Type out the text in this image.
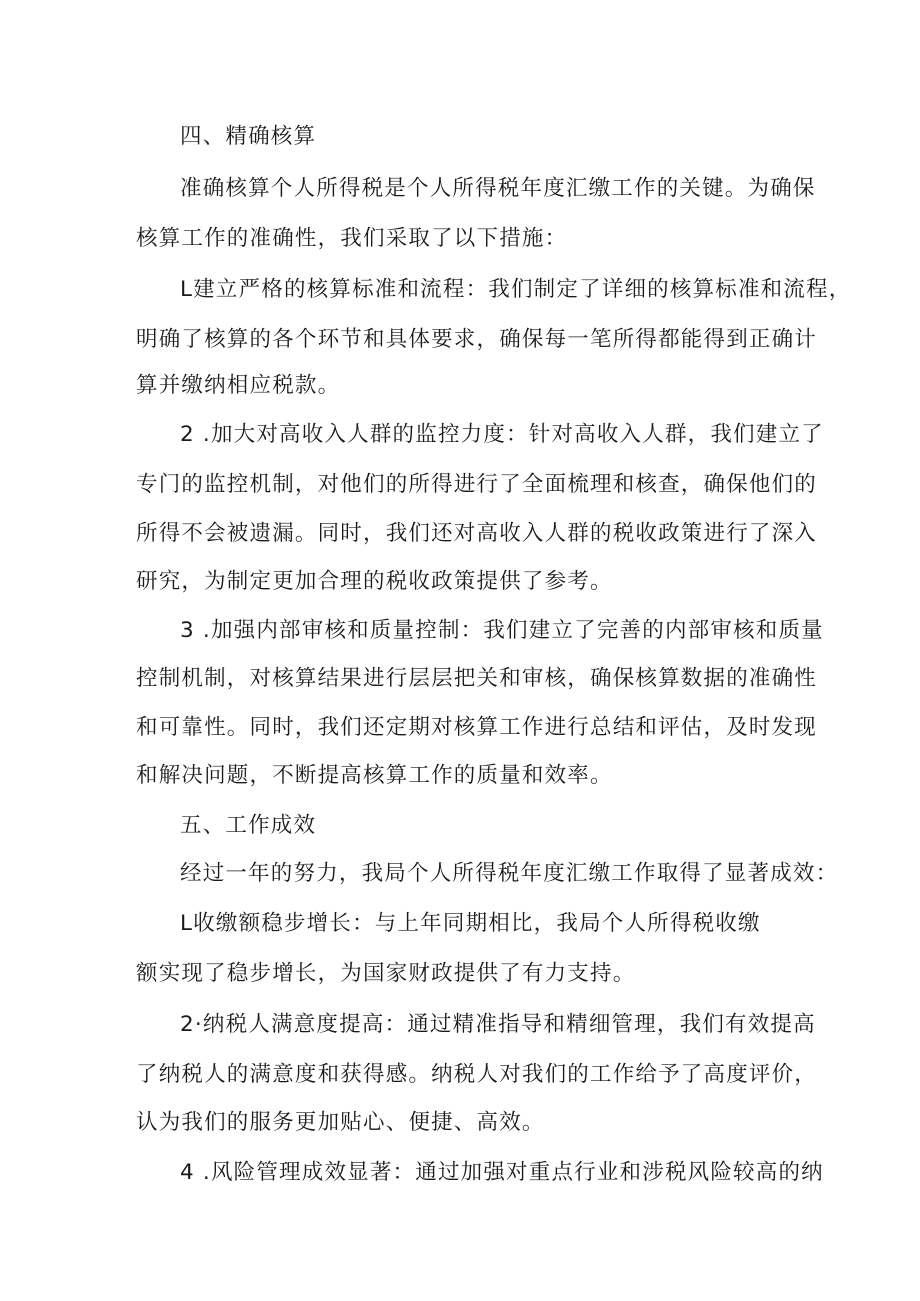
四、精确核算
准确核算个人所得税是个人所得税年度汇缴工作的关键。为确保
核算工作的准确性，我们采取了以下措施：
L建立严格的核算标准和流程：我们制定了详细的核算标准和流程，
明确了核算的各个环节和具体要求，确保每一笔所得都能得到正确计
算并缴纳相应税款。
2 .加大对高收入人群的监控力度：针对高收入人群，我们建立了
专门的监控机制，对他们的所得进行了全面梳理和核查，确保他们的
所得不会被遗漏。同时，我们还对高收入人群的税收政策进行了深入
研究，为制定更加合理的税收政策提供了参考。
3 .加强内部审核和质量控制：我们建立了完善的内部审核和质量
控制机制，对核算结果进行层层把关和审核，确保核算数据的准确性
和可靠性。同时，我们还定期对核算工作进行总结和评估，及时发现
和解决问题，不断提高核算工作的质量和效率。
五、工作成效
经过一年的努力，我局个人所得税年度汇缴工作取得了显著成效：
L收缴额稳步增长：与上年同期相比，我局个人所得税收缴
额实现了稳步增长，为国家财政提供了有力支持。
2·纳税人满意度提高：通过精准指导和精细管理，我们有效提高
了纳税人的满意度和获得感。纳税人对我们的工作给予了高度评价，
认为我们的服务更加贴心、便捷、高效。
4 .风险管理成效显著：通过加强对重点行业和涉税风险较高的纳
